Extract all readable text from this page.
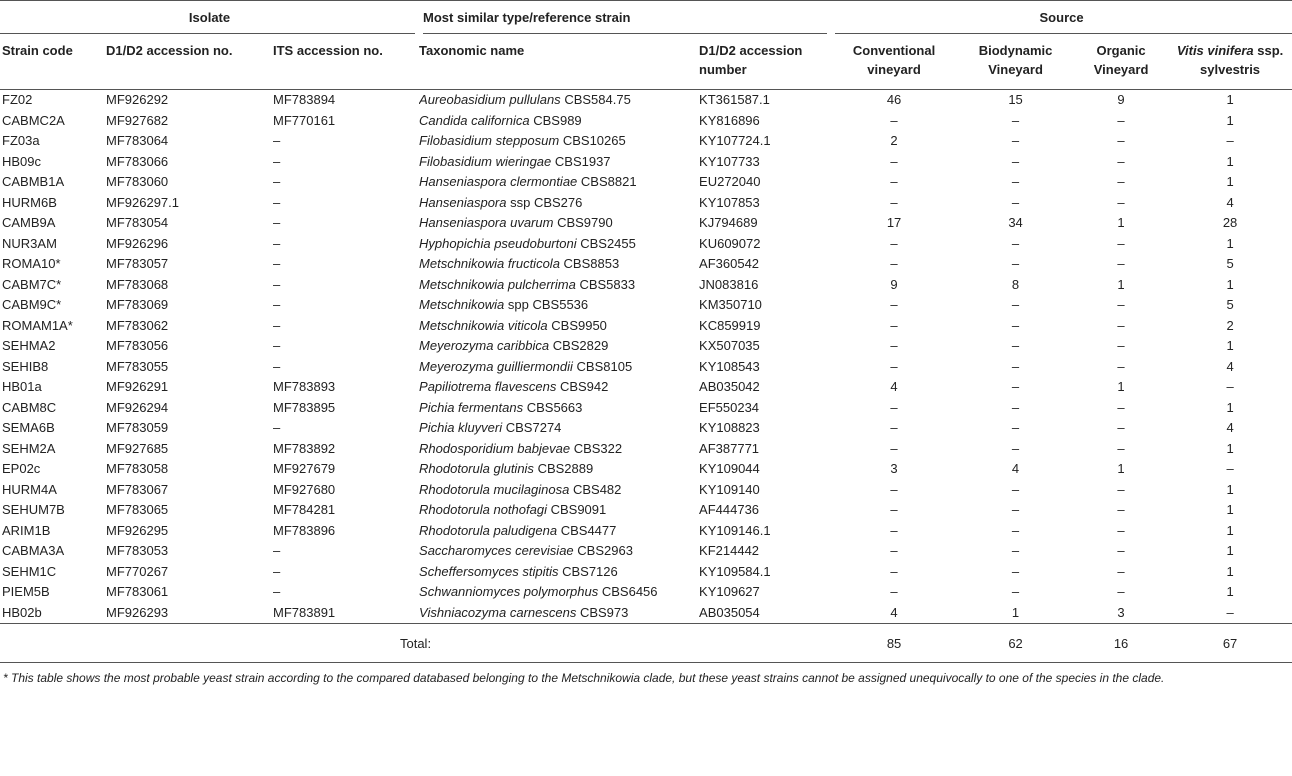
Isolate			Most similar type/reference strain		Source			

Strain code	D1/D2 accession no.	ITS accession no.	Taxonomic name	D1/D2 accession number	Conventional vineyard	Biodynamic Vineyard	Organic Vineyard	Vitis vinifera ssp. sylvestris
FZ02	MF926292	MF783894	Aureobasidium pullulans CBS584.75	KT361587.1	46	15	9	1
CABMC2A	MF927682	MF770161	Candida californica CBS989	KY816896	–	–	–	1
FZ03a	MF783064	–	Filobasidium stepposum CBS10265	KY107724.1	2	–	–	–
HB09c	MF783066	–	Filobasidium wieringae CBS1937	KY107733	–	–	–	1
CABMB1A	MF783060	–	Hanseniaspora clermontiae CBS8821	EU272040	–	–	–	1
HURM6B	MF926297.1	–	Hanseniaspora ssp CBS276	KY107853	–	–	–	4
CAMB9A	MF783054	–	Hanseniaspora uvarum CBS9790	KJ794689	17	34	1	28
NUR3AM	MF926296	–	Hyphopichia pseudoburtoni CBS2455	KU609072	–	–	–	1
ROMA10*	MF783057	–	Metschnikowia fructicola CBS8853	AF360542	–	–	–	5
CABM7C*	MF783068	–	Metschnikowia pulcherrima CBS5833	JN083816	9	8	1	1
CABM9C*	MF783069	–	Metschnikowia spp CBS5536	KM350710	–	–	–	5
ROMAM1A*	MF783062	–	Metschnikowia viticola CBS9950	KC859919	–	–	–	2
SEHMA2	MF783056	–	Meyerozyma caribbica CBS2829	KX507035	–	–	–	1
SEHIB8	MF783055	–	Meyerozyma guilliermondii CBS8105	KY108543	–	–	–	4
HB01a	MF926291	MF783893	Papiliotrema flavescens CBS942	AB035042	4	–	1	–
CABM8C	MF926294	MF783895	Pichia fermentans CBS5663	EF550234	–	–	–	1
SEMA6B	MF783059	–	Pichia kluyveri CBS7274	KY108823	–	–	–	4
SEHM2A	MF927685	MF783892	Rhodosporidium babjevae CBS322	AF387771	–	–	–	1
EP02c	MF783058	MF927679	Rhodotorula glutinis CBS2889	KY109044	3	4	1	–
HURM4A	MF783067	MF927680	Rhodotorula mucilaginosa CBS482	KY109140	–	–	–	1
SEHUM7B	MF783065	MF784281	Rhodotorula nothofagi CBS9091	AF444736	–	–	–	1
ARIM1B	MF926295	MF783896	Rhodotorula paludigena CBS4477	KY109146.1	–	–	–	1
CABMA3A	MF783053	–	Saccharomyces cerevisiae CBS2963	KF214442	–	–	–	1
SEHM1C	MF770267	–	Scheffersomyces stipitis CBS7126	KY109584.1	–	–	–	1
PIEM5B	MF783061	–	Schwanniomyces polymorphus CBS6456	KY109627	–	–	–	1
HB02b	MF926293	MF783891	Vishniacozyma carnescens CBS973	AB035054	4	1	3	–
Total:					85	62	16	67
* This table shows the most probable yeast strain according to the compared databased belonging to the Metschnikowia clade, but these yeast strains cannot be assigned unequivocally to one of the species in the clade.
